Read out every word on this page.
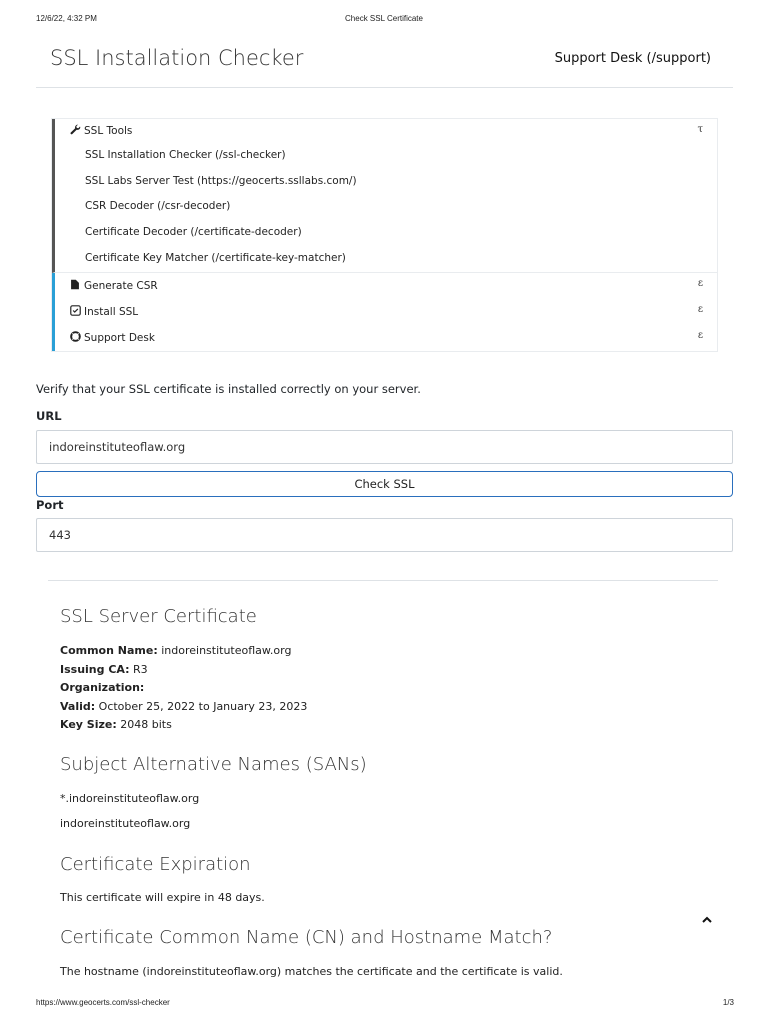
12/6/22, 4:32 PM	Check SSL Certificate
SSL Installation Checker	Support Desk (/support)
SSL Tools	τ
SSL Installation Checker (/ssl-checker)
SSL Labs Server Test (https://geocerts.ssllabs.com/)
CSR Decoder (/csr-decoder)
Certificate Decoder (/certificate-decoder)
Certificate Key Matcher (/certificate-key-matcher)
Generate CSR	ε
Install SSL	ε
Support Desk	ε
Verify that your SSL certificate is installed correctly on your server.
URL
indoreinstituteoflaw.org
Check SSL
Port
443
SSL Server Certificate
Common Name: indoreinstituteoflaw.org
Issuing CA: R3
Organization:
Valid: October 25, 2022 to January 23, 2023
Key Size: 2048 bits
Subject Alternative Names (SANs)
*.indoreinstituteoflaw.org
indoreinstituteoflaw.org
Certificate Expiration
This certificate will expire in 48 days.
Certificate Common Name (CN) and Hostname Match?
The hostname (indoreinstituteoflaw.org) matches the certificate and the certificate is valid.
https://www.geocerts.com/ssl-checker	1/3
